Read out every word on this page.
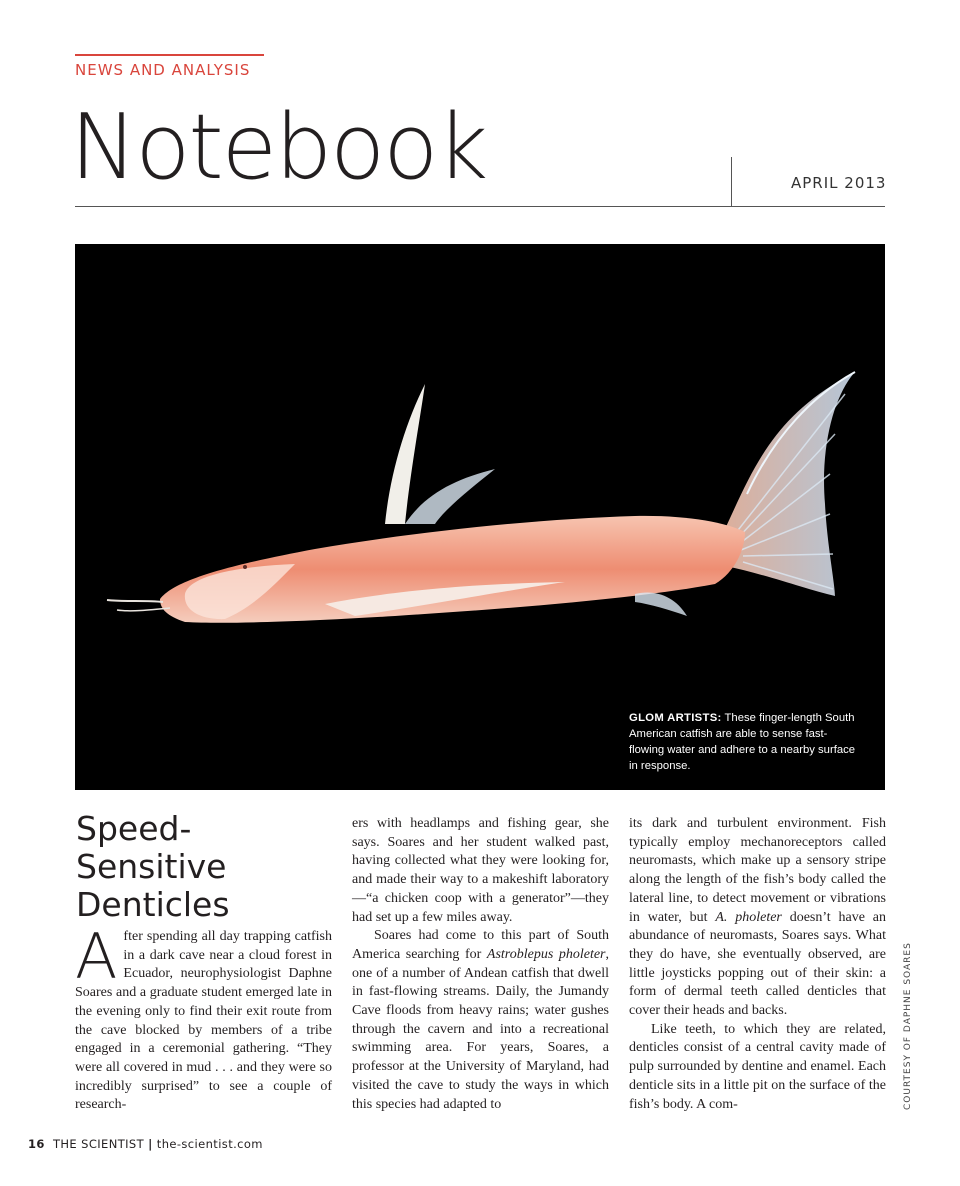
NEWS AND ANALYSIS
Notebook	APRIL 2013
GLOM ARTISTS: These finger-length South American catfish are able to sense fast-flowing water and adhere to a nearby surface in response.
Speed-Sensitive Denticles

After spending all day trapping catfish in a dark cave near a cloud forest in Ecuador, neurophysiologist Daphne Soares and a graduate student emerged late in the evening only to find their exit route from the cave blocked by members of a tribe engaged in a ceremonial gathering. “They were all covered in mud . . . and they were so incredibly surprised” to see a couple of research-

ers with headlamps and fishing gear, she says. Soares and her student walked past, having collected what they were looking for, and made their way to a makeshift laboratory—“a chicken coop with a generator”—they had set up a few miles away.

Soares had come to this part of South America searching for Astroblepus pholeter, one of a number of Andean catfish that dwell in fast-flowing streams. Daily, the Jumandy Cave floods from heavy rains; water gushes through the cavern and into a recreational swimming area. For years, Soares, a professor at the University of Maryland, had visited the cave to study the ways in which this species had adapted to

its dark and turbulent environment. Fish typically employ mechanoreceptors called neuromasts, which make up a sensory stripe along the length of the fish’s body called the lateral line, to detect movement or vibrations in water, but A. pholeter doesn’t have an abundance of neuromasts, Soares says. What they do have, she eventually observed, are little joysticks popping out of their skin: a form of dermal teeth called denticles that cover their heads and backs.

Like teeth, to which they are related, denticles consist of a central cavity made of pulp surrounded by dentine and enamel. Each denticle sits in a little pit on the surface of the fish’s body. A com-	COURTESY OF DAPHNE SOARES
16 THE SCIENTIST | the-scientist.com
